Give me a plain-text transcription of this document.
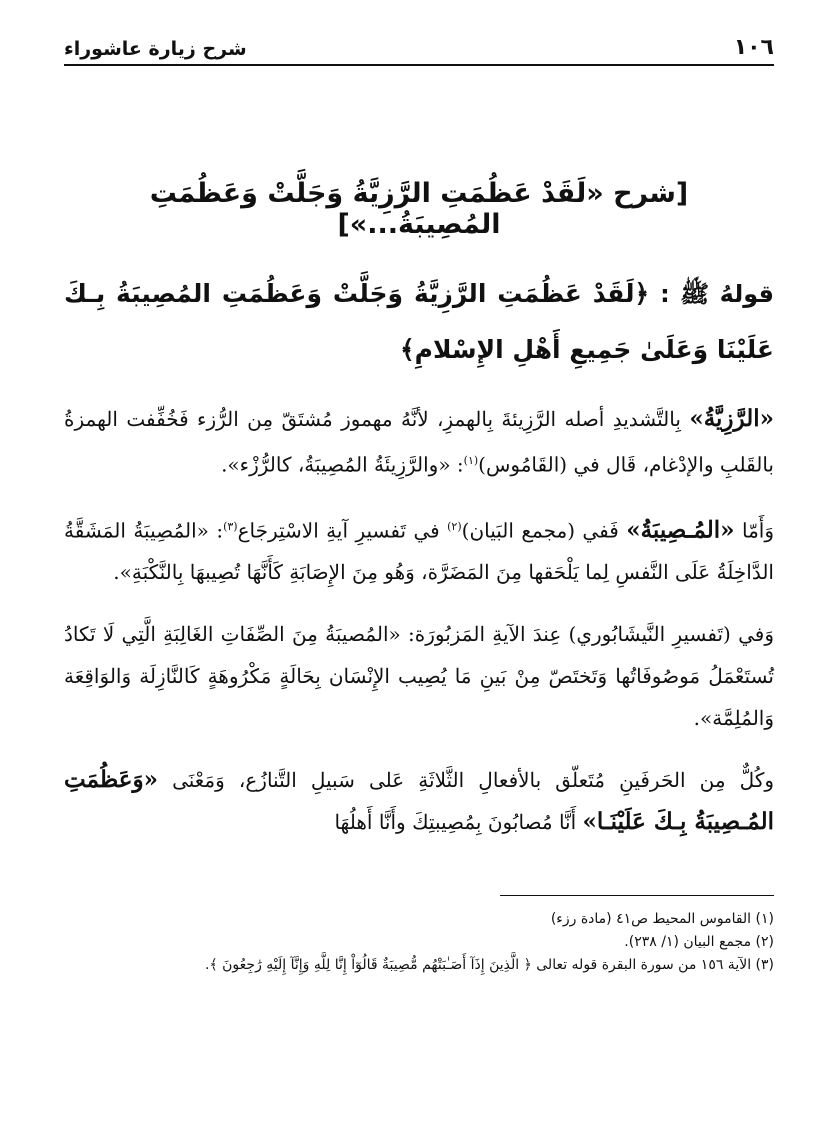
١٠٦
شرح زيارة عاشوراء
[شرح «لَقَدْ عَظُمَتِ الرَّزِيَّةُ وَجَلَّتْ وَعَظُمَتِ المُصِيبَةُ...»]
قولهُ ﷺ : ﴿لَقَدْ عَظُمَتِ الرَّزِيَّةُ وَجَلَّتْ وَعَظُمَتِ المُصِيبَةُ بِـكَ عَلَيْنَا وَعَلَىٰ جَمِيعِ أَهْلِ الإِسْلامِ﴾

«الرَّزِيَّةُ» بِالتَّشديدِ أصله الرَّزِيئةَ بِالهمزِ، لأنَّهُ مهموز مُشتَقّ مِن الرُّزء فَخُفِّفت الهمزةُ بالقَلبِ والإدْغام، قَال في (القَامُوس)$^{(١)}$: «والرَّزِيئَةُ المُصِيبَةُ، كالرُّزْء».

وَأَمّا «المُـصِيبَةُ» فَفي (مجمع البَيان)$^{(٢)}$ في تَفسيرِ آيةِ الاسْتِرجَاع$^{(٣)}$: «المُصِيبَةُ المَشَقَّةُ الدَّاخِلَةُ عَلَى النَّفسِ لِما يَلْحَقها مِنَ المَضَرَّة، وَهُو مِنَ الإِصَابَةِ كَأَنَّهَا تُصِيبهَا بِالنَّكْبَةِ».

وَفي (تَفسيرِ النَّيشَابُوري) عِندَ الآيةِ المَزبُورَة: «المُصيبَةُ مِنَ الصِّفَاتِ الغَالِبَةِ الَّتِي لَا تَكادُ تُستَعْمَلُ مَوصُوفَاتُها وَتَختَصّ مِنْ بَينِ مَا يُصِيب الإِنْسَان بِحَالَةٍ مَكْرُوهَةٍ كَالنَّازِلَة وَالوَاقِعَة وَالمُلِمَّة».

وكُلٌّ مِن الحَرفَينِ مُتَعلّق بالأفعالِ الثَّلاثَةِ عَلى سَبيلِ التَّنازُع، وَمَعْنَى «وَعَظُمَتِ المُـصِيبَةُ بِـكَ عَلَيْنَـا» أَنَّا مُصابُونَ بِمُصِيبتِكَ وأَنَّا أَهلُهَا

(١) القاموس المحيط ص٤١ (مادة رزء)
(٢) مجمع البيان (١/ ٢٣٨).
(٣) الآية ١٥٦ من سورة البقرة قوله تعالى ﴿ الَّذِينَ إِذَآ أَصَـٰبَتْهُم مُّصِيبَةٌ قَالُوٓاْ إِنَّا لِلَّهِ وَإِنَّآ إِلَيْهِ رَٰجِعُونَ ﴾.
